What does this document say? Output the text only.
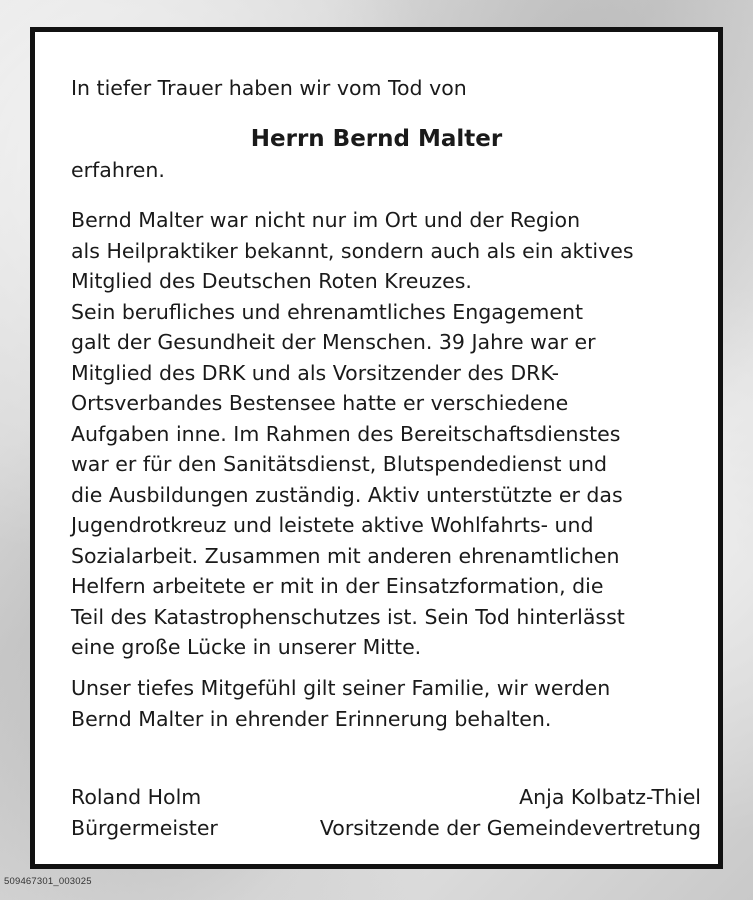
In tiefer Trauer haben wir vom Tod von
Herrn Bernd Malter
erfahren.
Bernd Malter war nicht nur im Ort und der Region
als Heilpraktiker bekannt, sondern auch als ein aktives
Mitglied des Deutschen Roten Kreuzes.
Sein berufliches und ehrenamtliches Engagement
galt der Gesundheit der Menschen. 39 Jahre war er
Mitglied des DRK und als Vorsitzender des DRK-
Ortsverbandes Bestensee hatte er verschiedene
Aufgaben inne. Im Rahmen des Bereitschaftsdienstes
war er für den Sanitätsdienst, Blutspendedienst und
die Ausbildungen zuständig. Aktiv unterstützte er das
Jugendrotkreuz und leistete aktive Wohlfahrts- und
Sozialarbeit. Zusammen mit anderen ehrenamtlichen
Helfern arbeitete er mit in der Einsatzformation, die
Teil des Katastrophenschutzes ist. Sein Tod hinterlässt
eine große Lücke in unserer Mitte.
Unser tiefes Mitgefühl gilt seiner Familie, wir werden
Bernd Malter in ehrender Erinnerung behalten.
Roland Holm
Bürgermeister
Anja Kolbatz-Thiel
Vorsitzende der Gemeindevertretung
509467301_003025
